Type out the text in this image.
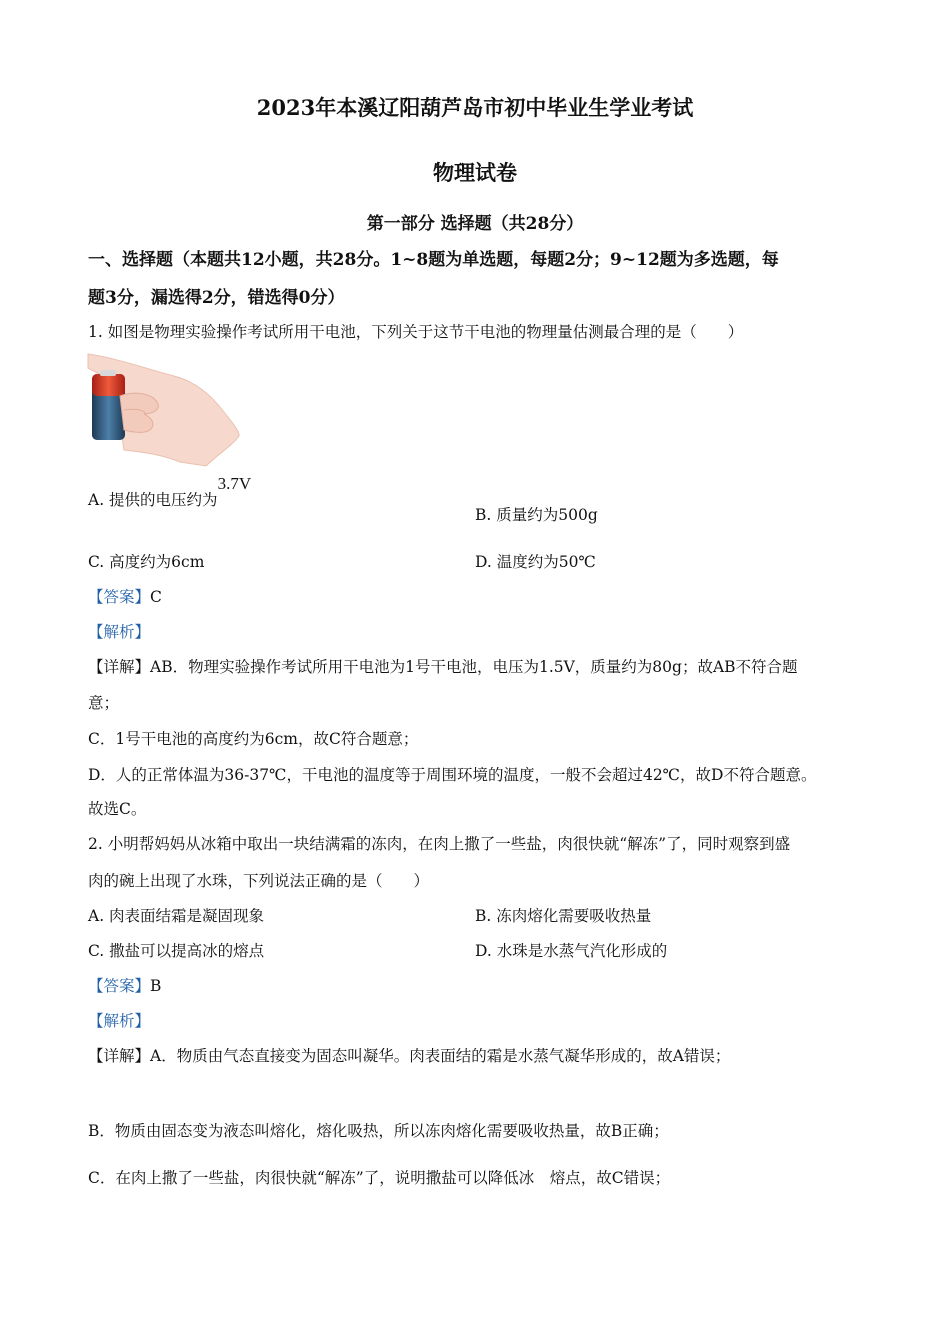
2023年本溪辽阳葫芦岛市初中毕业生学业考试
物理试卷
第一部分 选择题（共28分）
一、选择题（本题共12小题，共28分。1~8题为单选题，每题2分；9~12题为多选题，每
题3分，漏选得2分，错选得0分）
1. 如图是物理实验操作考试所用干电池，下列关于这节干电池的物理量估测最合理的是（　　）
A. 提供的电压约为3.7V
B. 质量约为500g
C. 高度约为6cm	D. 温度约为50℃
【答案】C
【解析】
【详解】AB．物理实验操作考试所用干电池为1号干电池，电压为1.5V，质量约为80g；故AB不符合题
意；
C．1号干电池的高度约为6cm，故C符合题意；
D．人的正常体温为36-37℃，干电池的温度等于周围环境的温度，一般不会超过42℃，故D不符合题意。
故选C。
2. 小明帮妈妈从冰箱中取出一块结满霜的冻肉，在肉上撒了一些盐，肉很快就“解冻”了，同时观察到盛
肉的碗上出现了水珠，下列说法正确的是（　　）
A. 肉表面结霜是凝固现象	B. 冻肉熔化需要吸收热量
C. 撒盐可以提高冰的熔点	D. 水珠是水蒸气汽化形成的
【答案】B
【解析】
【详解】A．物质由气态直接变为固态叫凝华。肉表面结的霜是水蒸气凝华形成的，故A错误；
B．物质由固态变为液态叫熔化，熔化吸热，所以冻肉熔化需要吸收热量，故B正确；
C．在肉上撒了一些盐，肉很快就“解冻”了，说明撒盐可以降低冰　熔点，故C错误；
